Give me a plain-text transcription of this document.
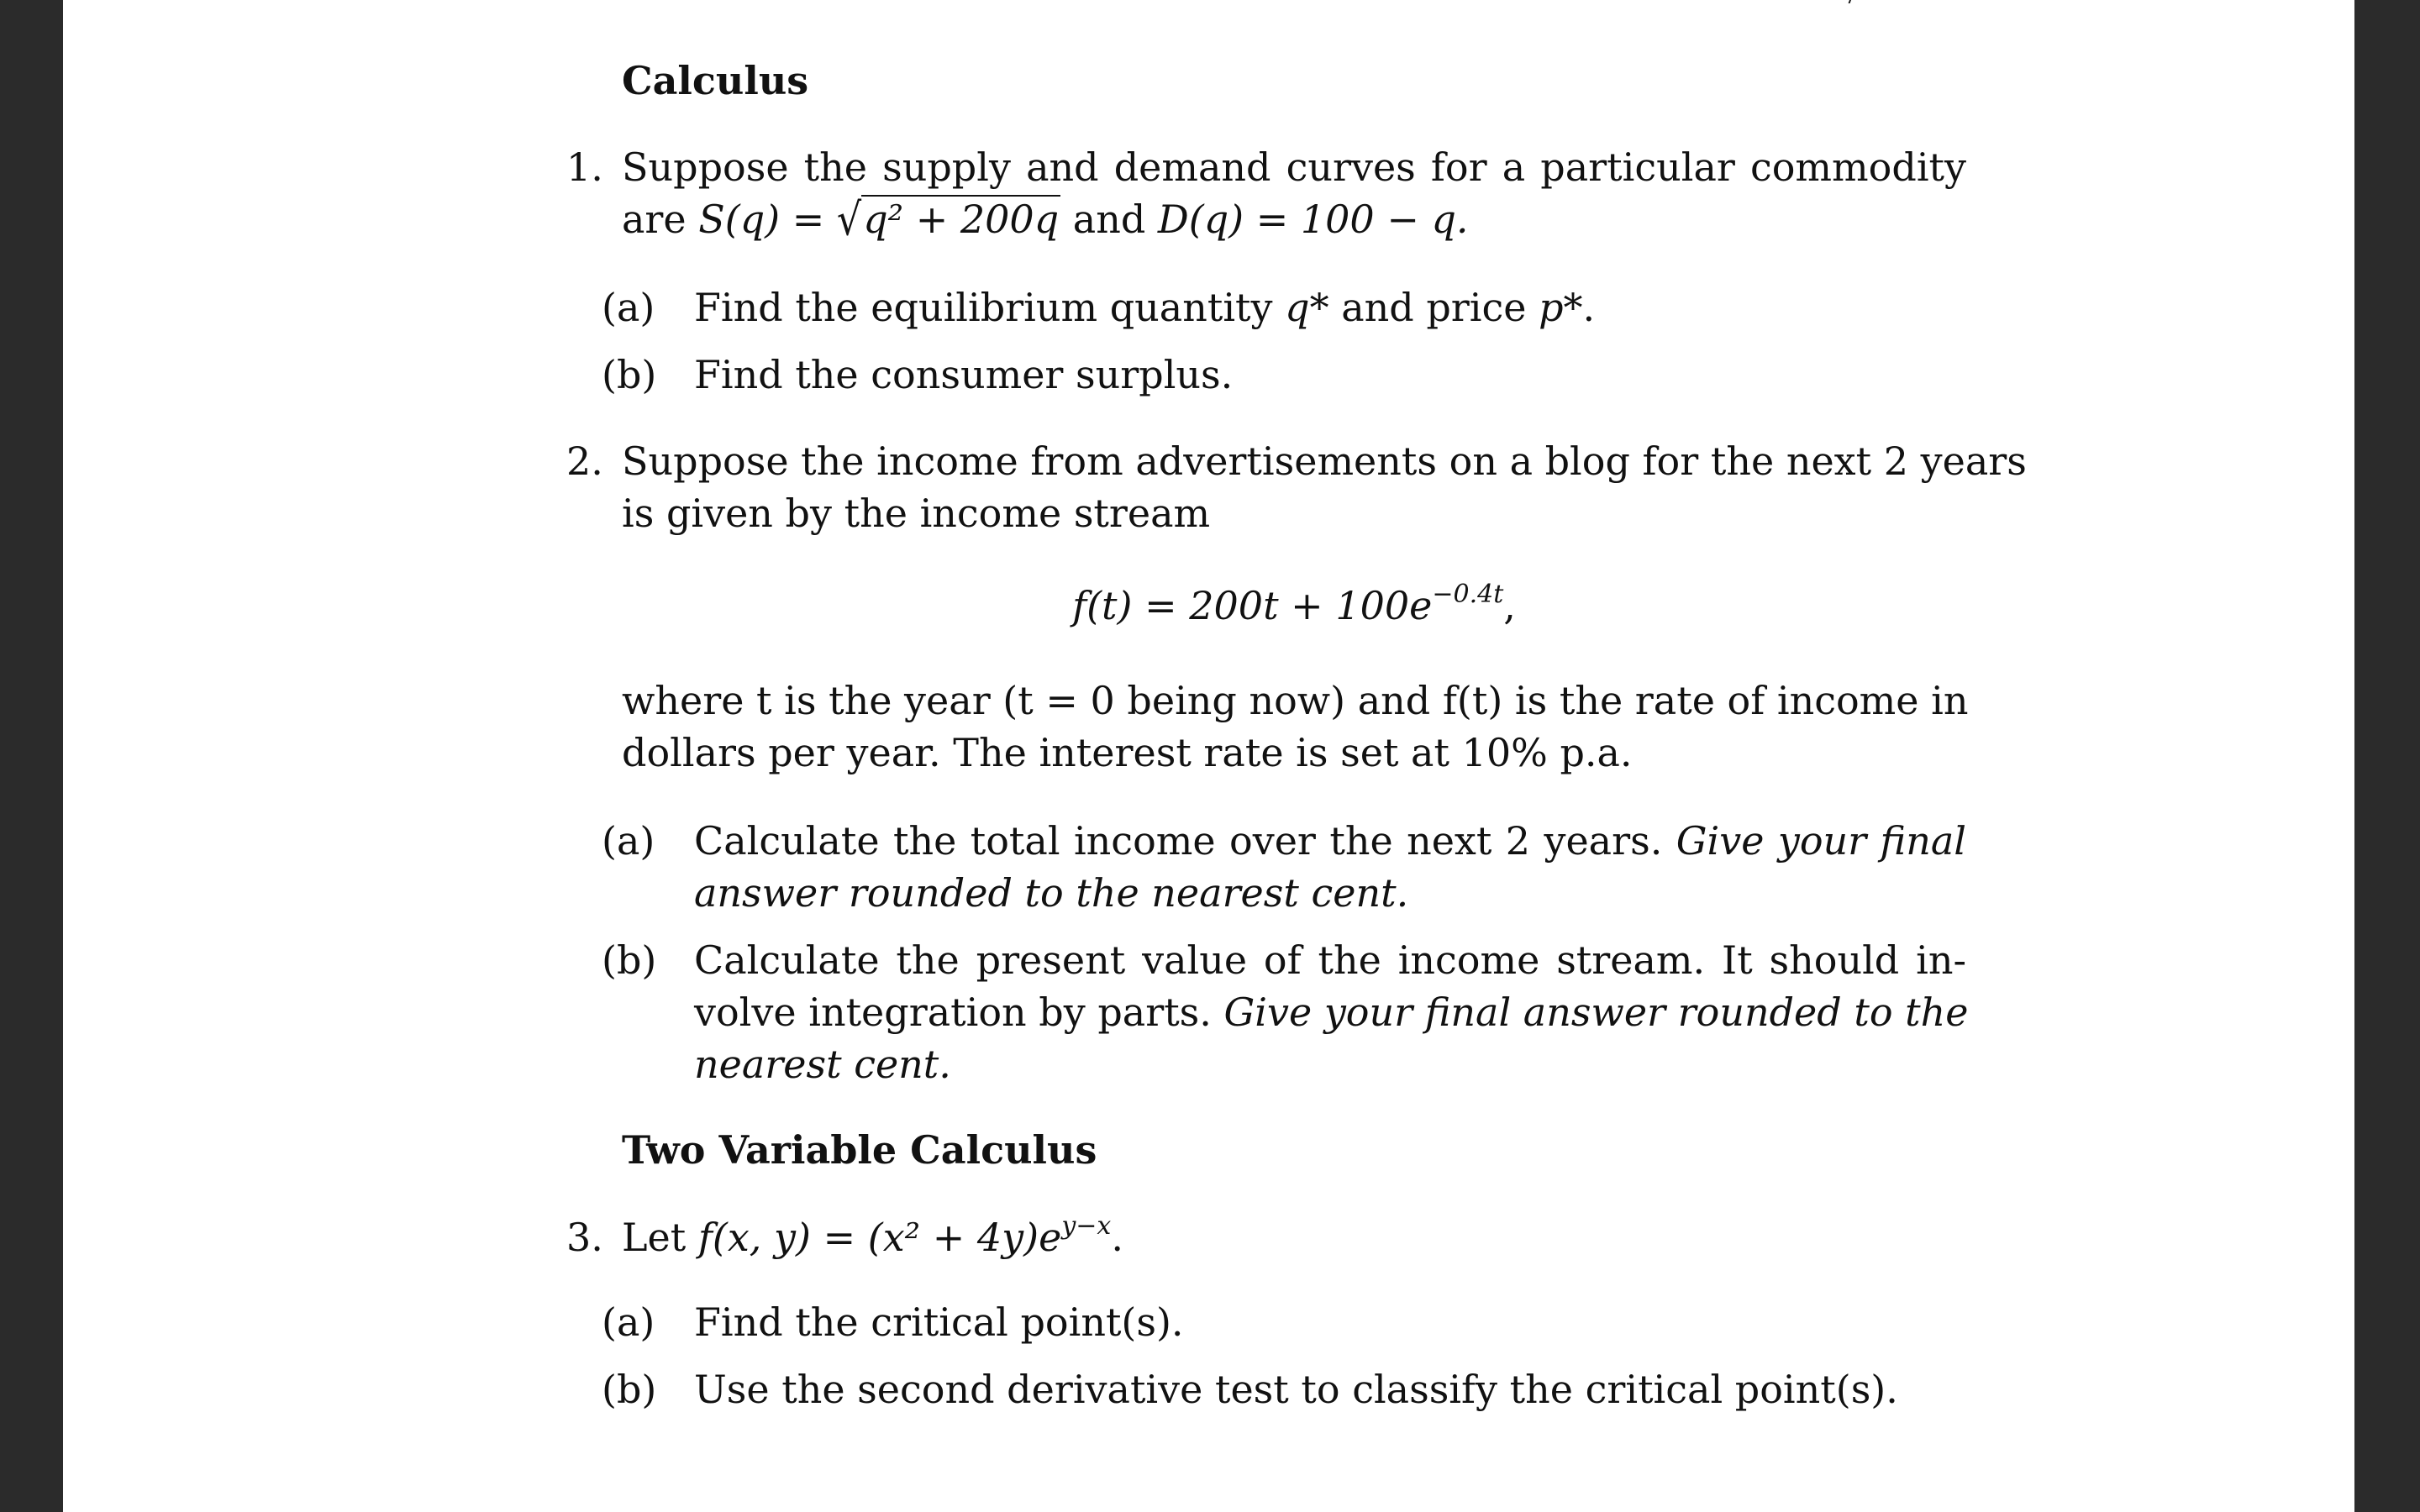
Calculus
1. Suppose the supply and demand curves for a particular commodity
are S(q) = √q² + 200q and D(q) = 100 − q.
(a) Find the equilibrium quantity q* and price p*.
(b) Find the consumer surplus.
2. Suppose the income from advertisements on a blog for the next 2 years
is given by the income stream
$f(t) = 200t + 100e^{-0.4t}$,
where t is the year (t = 0 being now) and f(t) is the rate of income in
dollars per year. The interest rate is set at 10% p.a.
(a) Calculate the total income over the next 2 years. Give your final
answer rounded to the nearest cent.
(b) Calculate the present value of the income stream. It should in-
volve integration by parts. Give your final answer rounded to the
nearest cent.
Two Variable Calculus
3. Let f(x, $y) = (x^2 + 4y)e^{y-x}$.
(a) Find the critical point(s).
(b) Use the second derivative test to classify the critical point(s).
